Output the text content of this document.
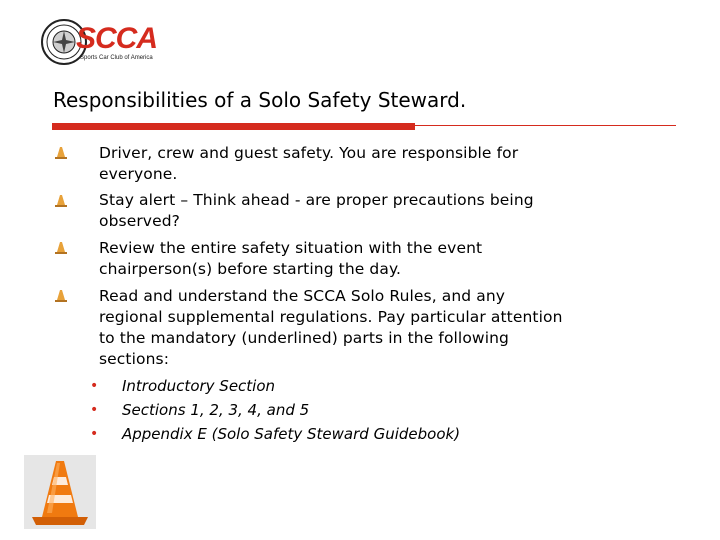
SCCA
Sports Car Club of America
Responsibilities of a Solo Safety Steward.
Driver, crew and guest safety. You are responsible for everyone.
Stay alert – Think ahead - are proper precautions being observed?
Review the entire safety situation with the event chairperson(s) before starting the day.
Read and understand the SCCA Solo Rules, and any regional supplemental regulations. Pay particular attention to the mandatory (underlined) parts in the following sections:
• Introductory Section
• Sections 1, 2, 3, 4, and 5
• Appendix E (Solo Safety Steward Guidebook)
